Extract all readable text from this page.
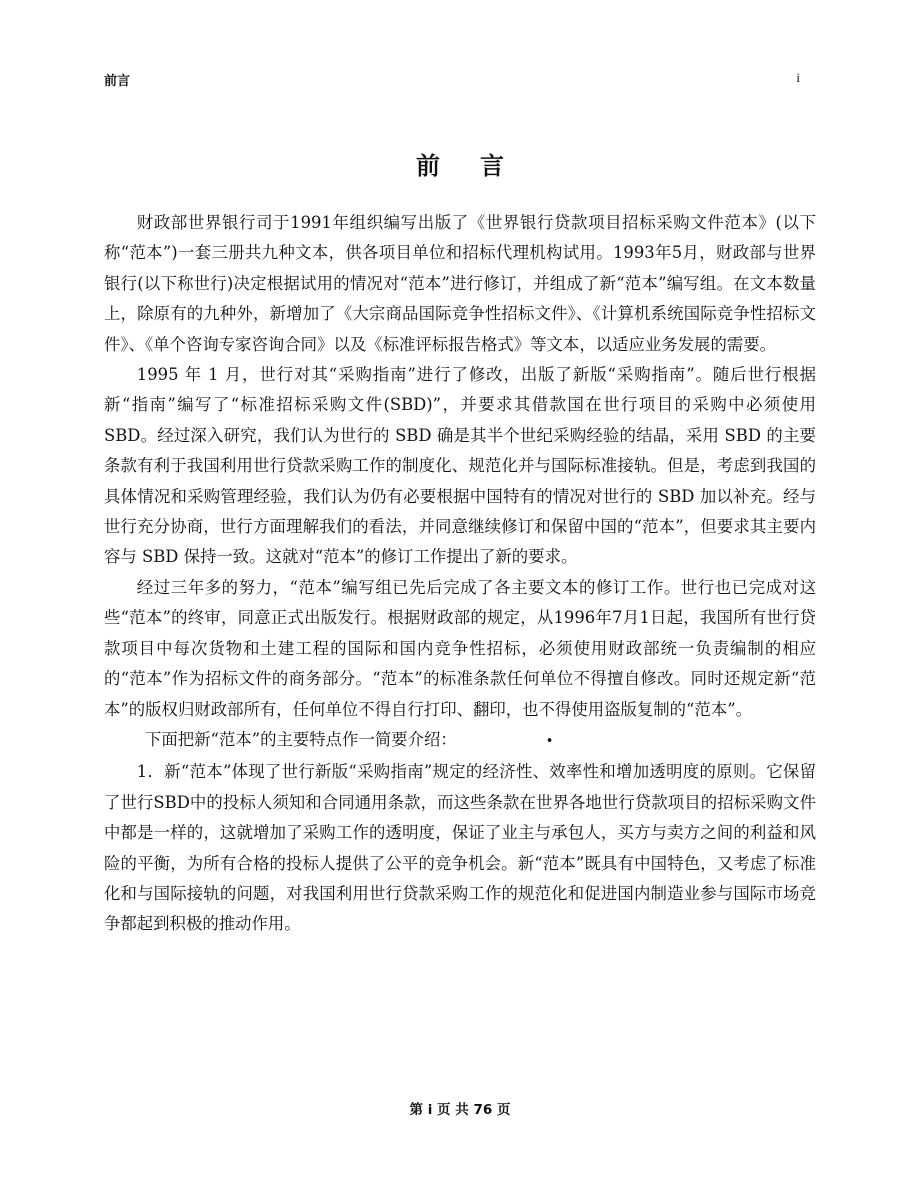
前言	i
前言

财政部世界银行司于1991年组织编写出版了《世界银行贷款项目招标采购文件范本》(以下称“范本”)一套三册共九种文本，供各项目单位和招标代理机构试用。1993年5月，财政部与世界银行(以下称世行)决定根据试用的情况对“范本”进行修订，并组成了新“范本”编写组。在文本数量上，除原有的九种外，新增加了《大宗商品国际竞争性招标文件》、《计算机系统国际竞争性招标文件》、《单个咨询专家咨询合同》以及《标准评标报告格式》等文本，以适应业务发展的需要。

1995 年 1 月，世行对其“采购指南”进行了修改，出版了新版“采购指南”。随后世行根据新“指南”编写了“标准招标采购文件(SBD)”，并要求其借款国在世行项目的采购中必须使用 SBD。经过深入研究，我们认为世行的 SBD 确是其半个世纪采购经验的结晶，采用 SBD 的主要条款有利于我国利用世行贷款采购工作的制度化、规范化并与国际标准接轨。但是，考虑到我国的具体情况和采购管理经验，我们认为仍有必要根据中国特有的情况对世行的 SBD 加以补充。经与世行充分协商，世行方面理解我们的看法，并同意继续修订和保留中国的“范本”，但要求其主要内容与 SBD 保持一致。这就对“范本”的修订工作提出了新的要求。

经过三年多的努力，“范本”编写组已先后完成了各主要文本的修订工作。世行也已完成对这些“范本”的终审，同意正式出版发行。根据财政部的规定，从1996年7月1日起，我国所有世行贷款项目中每次货物和土建工程的国际和国内竞争性招标，必须使用财政部统一负责编制的相应的“范本”作为招标文件的商务部分。“范本”的标准条款任何单位不得擅自修改。同时还规定新“范本”的版权归财政部所有，任何单位不得自行打印、翻印，也不得使用盗版复制的“范本”。

下面把新“范本”的主要特点作一简要介绍：	•

1．新“范本”体现了世行新版“采购指南”规定的经济性、效率性和增加透明度的原则。它保留了世行SBD中的投标人须知和合同通用条款，而这些条款在世界各地世行贷款项目的招标采购文件中都是一样的，这就增加了采购工作的透明度，保证了业主与承包人，买方与卖方之间的利益和风险的平衡，为所有合格的投标人提供了公平的竞争机会。新“范本”既具有中国特色，又考虑了标准化和与国际接轨的问题，对我国利用世行贷款采购工作的规范化和促进国内制造业参与国际市场竞争都起到积极的推动作用。

第 i 页 共 76 页
